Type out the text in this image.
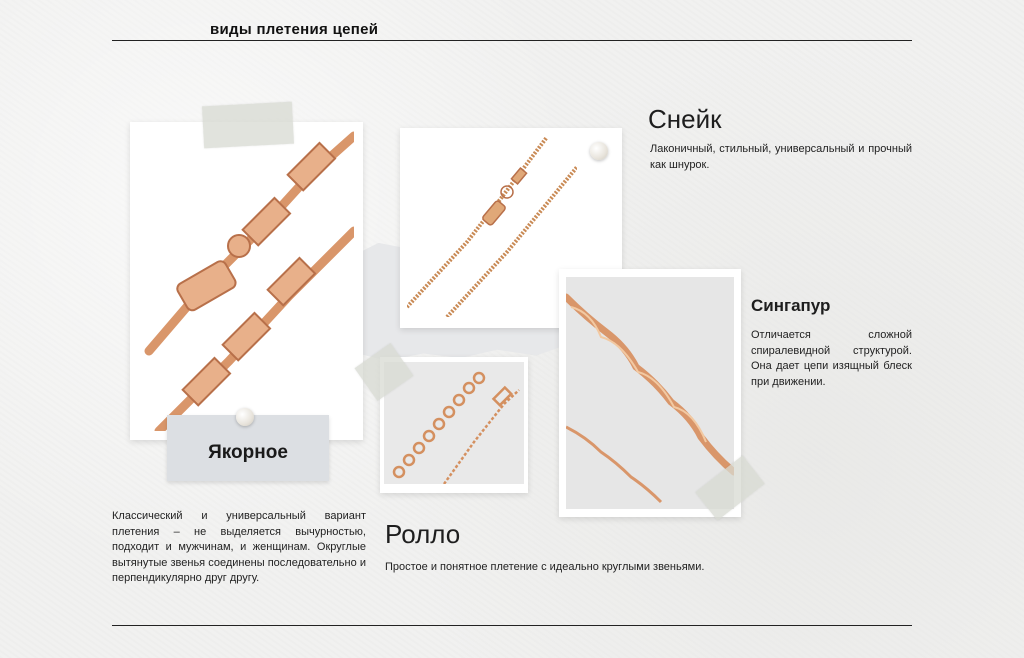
виды плетения цепей
Якорное
Снейк
Лаконичный, стильный, универсальный и прочный как шнурок.
Сингапур
Отличается сложной спиралевидной структурой. Она дает цепи изящный блеск при движении.
Классический и универсальный вариант плетения – не выделяется вычурностью, подходит и мужчинам, и женщинам. Округлые вытянутые звенья соединены последовательно и перпендикулярно друг другу.
Ролло
Простое и понятное плетение с идеально круглыми звеньями.
